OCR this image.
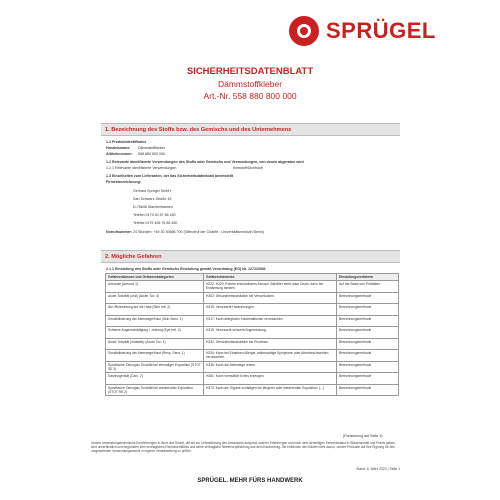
SPRÜGEL
SICHERHEITSDATENBLATT
Dämmstoffkleber
Art.-Nr. 558 880 800 000
1. Bezeichnung des Stoffs bzw. des Gemischs und des Unternehmens
1.1 Produktidentifikator
Handelsname: Dämmstoffkleber
Artikelnummer: 558 880 800 000
1.2 Relevante identifizierte Verwendungen des Stoffs oder Gemischs und Verwendungen, von denen abgeraten wird
1.2.1 Relevante identifizierte Verwendungen	Klebstoff/Dichtstoff
1.3 Einzelheiten zum Lieferanten, der das Sicherheitsdatenblatt bereitstellt
Firmenbezeichnung:
Gerhard Sprügel GmbH
Karl-Schwarz-Straße 19
D-76646 Stachenhausen
Telefon 0179 40 87 86 450
Telefax 0179 408 76 86 450
Notrufnummer: 24 Stunden: +49 30 30686 700 (Giftnotruf der Charité - Universitätsmedizin Berlin)
2. Mögliche Gefahren
2.1.1 Einstufung des Stoffs oder Gemischs Einstufung gemäß Verordnung (EG) Nr. 1272/2008:
Gefahrenklassen und Gefahrenkategorien	Gefahrenhinweise	Einstufungsverfahren
Aerosole (Aerosol 1)	H222, H229: Extrem entzündbares Aerosol. Behälter steht unter Druck: kann bei Erwärmung bersten.	Auf der Basis von Prüfdaten
Akute Toxizität (oral) (Acute Tox. 4)	H302: Gesundheitsschädlich bei Verschlucken.	Berechnungsmethode
Ätz-/Reizwirkung auf die Haut (Skin Irrit. 2)	H315: Verursacht Hautreizungen.	Berechnungsmethode
Sensibilisierung der Atemwege/Haut (Skin Sens. 1)	H317: Kann allergische Hautreaktionen verursachen.	Berechnungsmethode
Schwere Augenschädigung / -reizung (Eye Irrit. 2)	H319: Verursacht schwere Augenreizung.	Berechnungsmethode
Akute Toxizität (inhalativ) (Acute Tox. 4)	H332: Gesundheitsschädlich bei Einatmen.	Berechnungsmethode
Sensibilisierung der Atemwege/Haut (Resp. Sens. 1)	H334: Kann bei Einatmen Allergie, asthmaartige Symptome oder Atembeschwerden verursachen.	Berechnungsmethode
Spezifische Zielorgan-Toxizität bei einmaliger Exposition (STOT SE 3)	H335: Kann die Atemwege reizen.	Berechnungsmethode
Karzinogenität (Carc. 2)	H351: Kann vermutlich Krebs erzeugen.	Berechnungsmethode
Spezifische Zielorgan-Toxizität bei wiederholter Exposition (STOT RE 2)	H373: Kann die Organe schädigen bei längerer oder wiederholter Exposition. (...)	Berechnungsmethode
(Fortsetzung auf Seite 3)
Unsere anwendungstechnische Empfehlungen in Wort und Schrift, die wir zur Unterstützung des Anwenders aufgrund unserer Erfahrungen und nach dem derzeitigen Kenntnisstand in Wissenschaft und Praxis geben, sind unverbindlich und begründen kein vertragliches Rechtsverhältnis und keine vertragliche Nebenverpflichtung aus dem Kaufvertrag. Sie entbinden den Käufer nicht davon, unsere Produkte auf ihre Eignung für den vorgesehenen Verwendungszweck in eigener Verantwortung zu prüfen.
Stand: 6. März 2023 | Seite 1
SPRÜGEL. MEHR FÜRS HANDWERK
